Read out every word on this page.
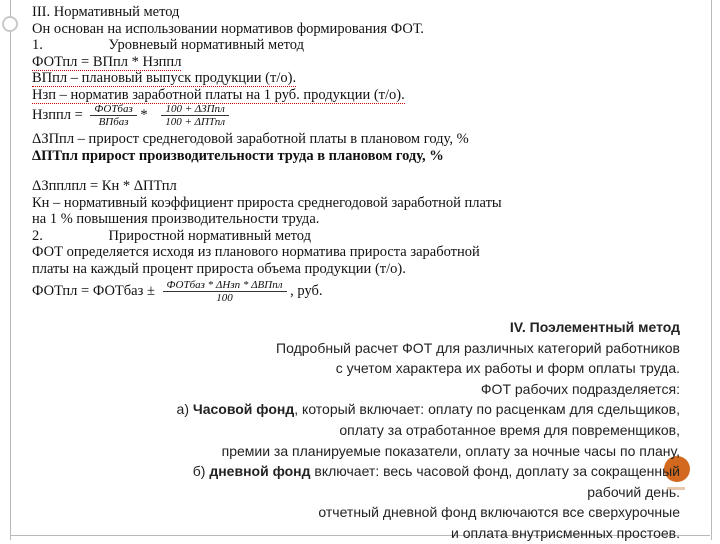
III. Нормативный метод
Он основан на использовании нормативов формирования ФОТ.
1.	Уровневый нормативный метод
ФОТпл = ВПпл * Нзппл
ВПпл – плановый выпуск продукции (т/о).
Нзп – норматив заработной платы на 1 руб. продукции (т/о).
Нзппл = $\frac{\text{ФОТбаз}}{\text{ВПбаз}} * \frac{\text{100 + ΔЗПпл}}{\text{100 + ΔПТпл}}$
ΔЗПпл – прирост среднегодовой заработной платы в плановом году, %
ΔПТпл прирост производительности труда в плановом году, %
ΔЗпплпл = Кн * ΔПТпл
Кн – нормативный коэффициент прироста среднегодовой заработной платы
на 1 % повышения производительности труда.
2.	Приростной нормативный метод
ФОТ определяется исходя из планового норматива прироста заработной
платы на каждый процент прироста объема продукции (т/о).
ФОТпл = ФОТбаз ± $\frac{\text{ФОТбаз * ΔНзп * ΔВПпл}}{100}$ , руб.
IV. Поэлементный метод
Подробный расчет ФОТ для различных категорий работников
с учетом характера их работы и форм оплаты труда.
ФОТ рабочих подразделяется:
а) Часовой фонд, который включает: оплату по расценкам для сдельщиков,
оплату за отработанное время для повременщиков,
премии за планируемые показатели, оплату за ночные часы по плану,
б) дневной фонд включает: весь часовой фонд, доплату за сокращенный
рабочий день.
отчетный дневной фонд включаются все сверхурочные
и оплата внутрисменных простоев.
